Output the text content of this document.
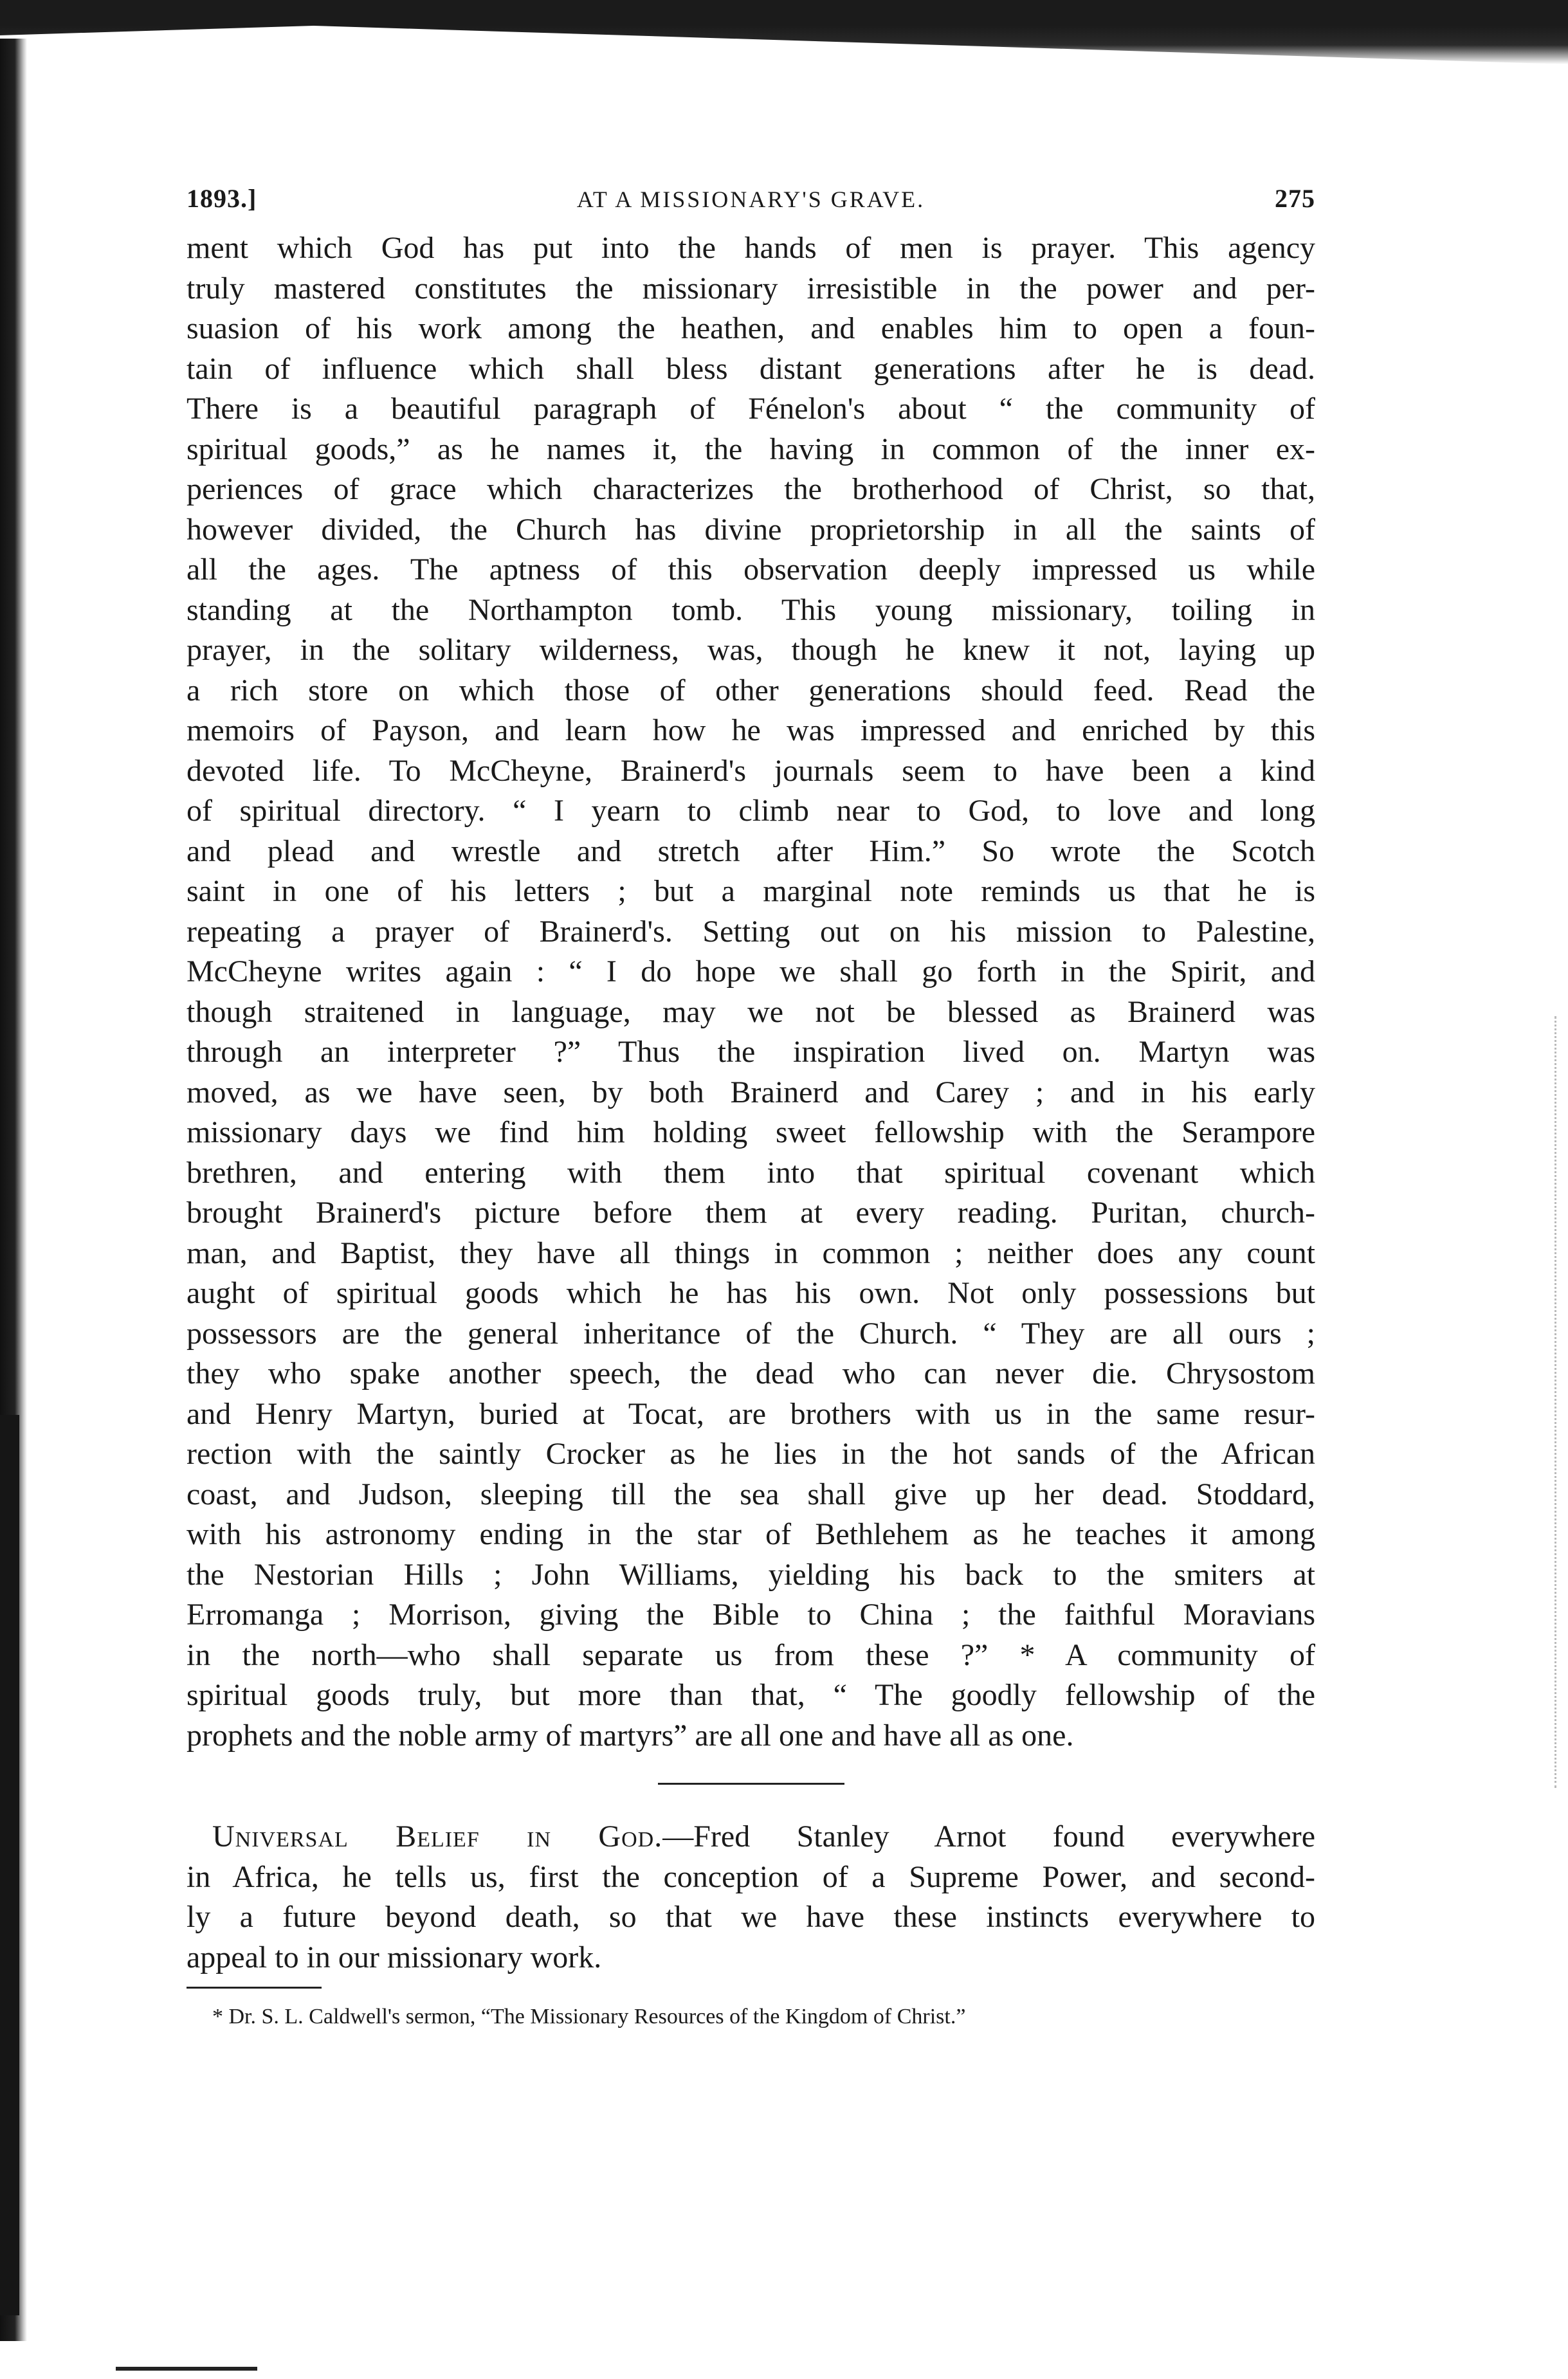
1893.]	AT A MISSIONARY'S GRAVE.	275
ment which God has put into the hands of men is prayer. This agency
truly mastered constitutes the missionary irresistible in the power and per-
suasion of his work among the heathen, and enables him to open a foun-
tain of influence which shall bless distant generations after he is dead.
There is a beautiful paragraph of Fénelon's about “ the community of
spiritual goods,” as he names it, the having in common of the inner ex-
periences of grace which characterizes the brotherhood of Christ, so that,
however divided, the Church has divine proprietorship in all the saints of
all the ages. The aptness of this observation deeply impressed us while
standing at the Northampton tomb. This young missionary, toiling in
prayer, in the solitary wilderness, was, though he knew it not, laying up
a rich store on which those of other generations should feed. Read the
memoirs of Payson, and learn how he was impressed and enriched by this
devoted life. To McCheyne, Brainerd's journals seem to have been a kind
of spiritual directory. “ I yearn to climb near to God, to love and long
and plead and wrestle and stretch after Him.” So wrote the Scotch
saint in one of his letters ; but a marginal note reminds us that he is
repeating a prayer of Brainerd's. Setting out on his mission to Palestine,
McCheyne writes again : “ I do hope we shall go forth in the Spirit, and
though straitened in language, may we not be blessed as Brainerd was
through an interpreter ?” Thus the inspiration lived on. Martyn was
moved, as we have seen, by both Brainerd and Carey ; and in his early
missionary days we find him holding sweet fellowship with the Serampore
brethren, and entering with them into that spiritual covenant which
brought Brainerd's picture before them at every reading. Puritan, church-
man, and Baptist, they have all things in common ; neither does any count
aught of spiritual goods which he has his own. Not only possessions but
possessors are the general inheritance of the Church. “ They are all ours ;
they who spake another speech, the dead who can never die. Chrysostom
and Henry Martyn, buried at Tocat, are brothers with us in the same resur-
rection with the saintly Crocker as he lies in the hot sands of the African
coast, and Judson, sleeping till the sea shall give up her dead. Stoddard,
with his astronomy ending in the star of Bethlehem as he teaches it among
the Nestorian Hills ; John Williams, yielding his back to the smiters at
Erromanga ; Morrison, giving the Bible to China ; the faithful Moravians
in the north—who shall separate us from these ?” * A community of
spiritual goods truly, but more than that, “ The goodly fellowship of the
prophets and the noble army of martyrs” are all one and have all as one.
Universal Belief in God.—Fred Stanley Arnot found everywhere
in Africa, he tells us, first the conception of a Supreme Power, and second-
ly a future beyond death, so that we have these instincts everywhere to
appeal to in our missionary work.
* Dr. S. L. Caldwell's sermon, “The Missionary Resources of the Kingdom of Christ.”
